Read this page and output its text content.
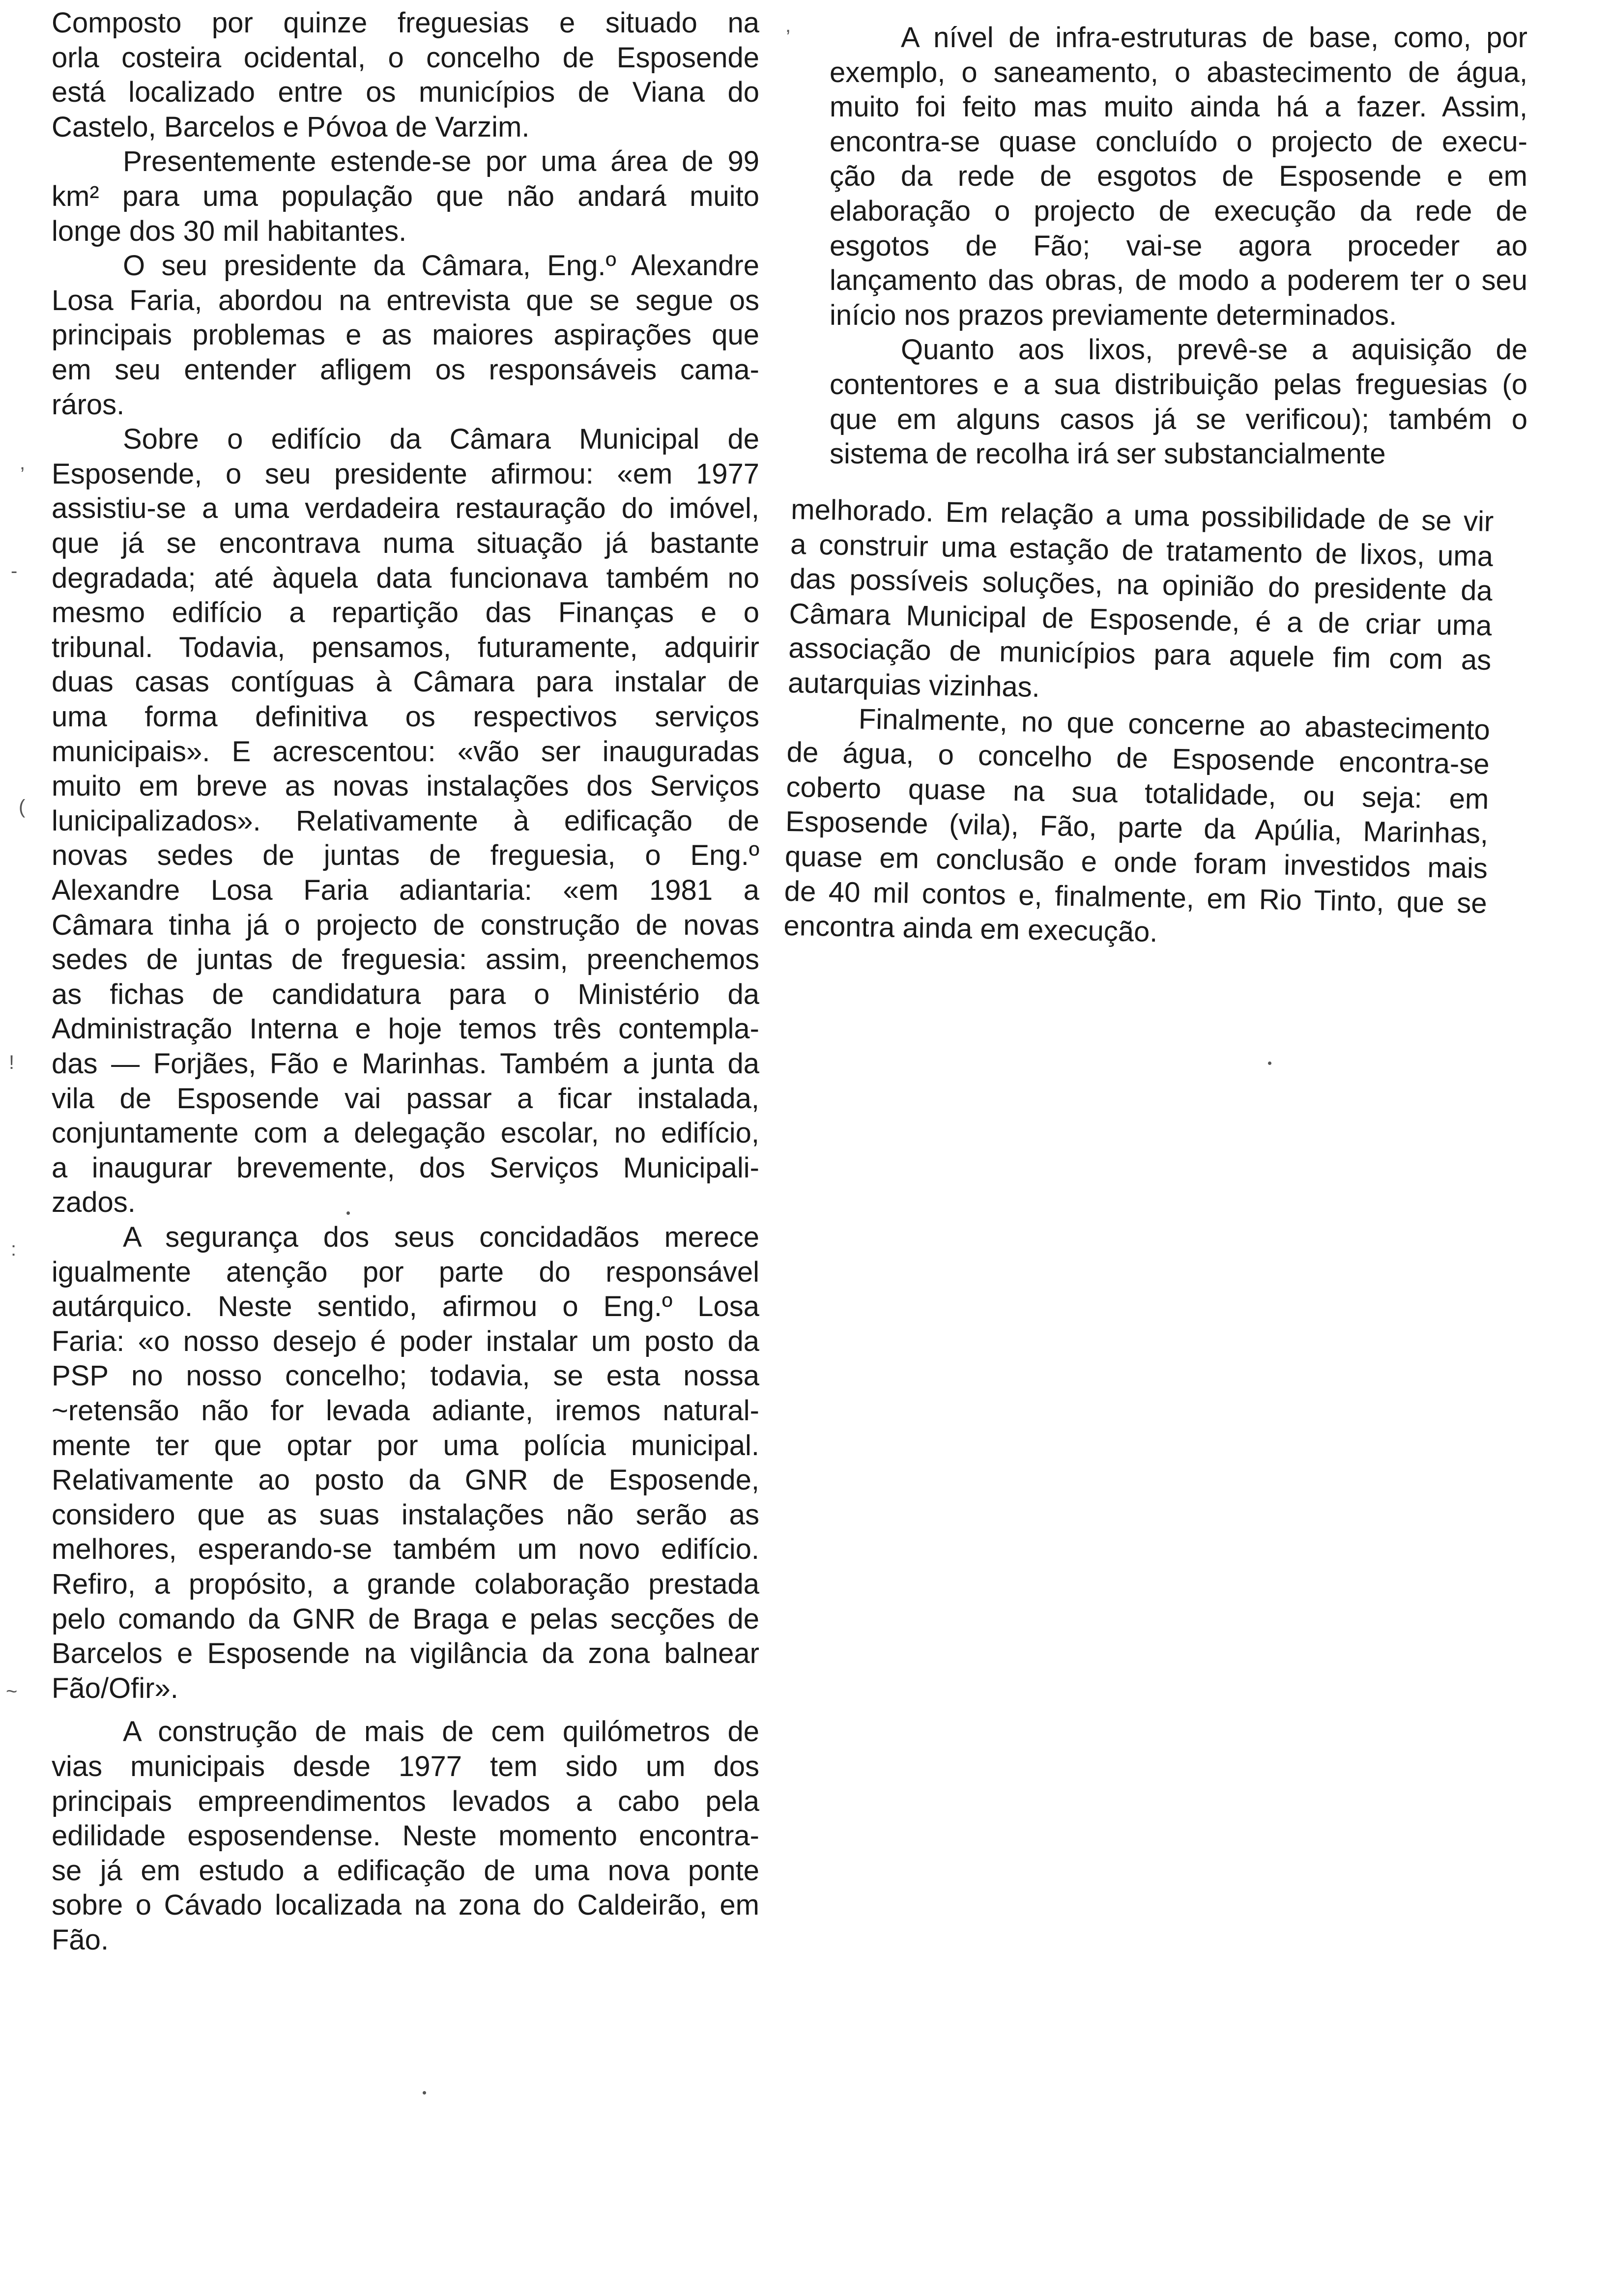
Composto por quinze freguesias e situado na
orla costeira ocidental, o concelho de Esposende
está localizado entre os municípios de Viana do
Castelo, Barcelos e Póvoa de Varzim.
Presentemente estende-se por uma área de 99
km² para uma população que não andará muito
longe dos 30 mil habitantes.
O seu presidente da Câmara, Eng.º Alexandre
Losa Faria, abordou na entrevista que se segue os
principais problemas e as maiores aspirações que
em seu entender afligem os responsáveis cama-
ráros.
Sobre o edifício da Câmara Municipal de
Esposende, o seu presidente afirmou: «em 1977
assistiu-se a uma verdadeira restauração do imóvel,
que já se encontrava numa situação já bastante
degradada; até àquela data funcionava também no
mesmo edifício a repartição das Finanças e o
tribunal. Todavia, pensamos, futuramente, adquirir
duas casas contíguas à Câmara para instalar de
uma forma definitiva os respectivos serviços
municipais». E acrescentou: «vão ser inauguradas
muito em breve as novas instalações dos Serviços
lunicipalizados». Relativamente à edificação de
novas sedes de juntas de freguesia, o Eng.º
Alexandre Losa Faria adiantaria: «em 1981 a
Câmara tinha já o projecto de construção de novas
sedes de juntas de freguesia: assim, preenchemos
as fichas de candidatura para o Ministério da
Administração Interna e hoje temos três contempla-
das — Forjães, Fão e Marinhas. Também a junta da
vila de Esposende vai passar a ficar instalada,
conjuntamente com a delegação escolar, no edifício,
a inaugurar brevemente, dos Serviços Municipali-
zados.
A segurança dos seus concidadãos merece
igualmente atenção por parte do responsável
autárquico. Neste sentido, afirmou o Eng.º Losa
Faria: «o nosso desejo é poder instalar um posto da
PSP no nosso concelho; todavia, se esta nossa
~retensão não for levada adiante, iremos natural-
mente ter que optar por uma polícia municipal.
Relativamente ao posto da GNR de Esposende,
considero que as suas instalações não serão as
melhores, esperando-se também um novo edifício.
Refiro, a propósito, a grande colaboração prestada
pelo comando da GNR de Braga e pelas secções de
Barcelos e Esposende na vigilância da zona balnear
Fão/Ofir».
A construção de mais de cem quilómetros de
vias municipais desde 1977 tem sido um dos
principais empreendimentos levados a cabo pela
edilidade esposendense. Neste momento encontra-
se já em estudo a edificação de uma nova ponte
sobre o Cávado localizada na zona do Caldeirão, em
Fão.
A nível de infra-estruturas de base, como, por
exemplo, o saneamento, o abastecimento de água,
muito foi feito mas muito ainda há a fazer. Assim,
encontra-se quase concluído o projecto de execu-
ção da rede de esgotos de Esposende e em
elaboração o projecto de execução da rede de
esgotos de Fão; vai-se agora proceder ao
lançamento das obras, de modo a poderem ter o seu
início nos prazos previamente determinados.
Quanto aos lixos, prevê-se a aquisição de
contentores e a sua distribuição pelas freguesias (o
que em alguns casos já se verificou); também o
sistema de recolha irá ser substancialmente
melhorado. Em relação a uma possibilidade de se vir
a construir uma estação de tratamento de lixos, uma
das possíveis soluções, na opinião do presidente da
Câmara Municipal de Esposende, é a de criar uma
associação de municípios para aquele fim com as
autarquias vizinhas.
Finalmente, no que concerne ao abastecimento
de água, o concelho de Esposende encontra-se
coberto quase na sua totalidade, ou seja: em
Esposende (vila), Fão, parte da Apúlia, Marinhas,
quase em conclusão e onde foram investidos mais
de 40 mil contos e, finalmente, em Rio Tinto, que se
encontra ainda em execução.
,
-
(
!
:
~
,
